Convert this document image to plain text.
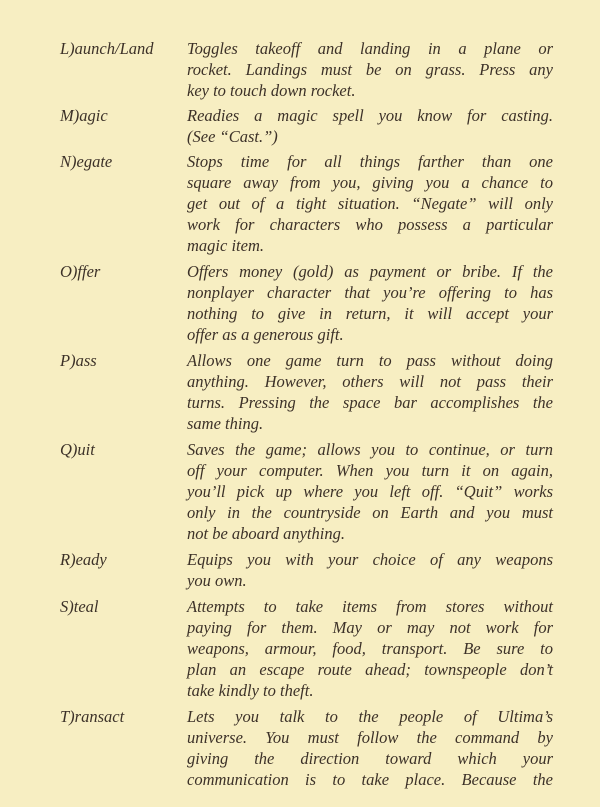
L)aunch/Land	Toggles takeoff and landing in a plane or
rocket. Landings must be on grass. Press any
key to touch down rocket.
M)agic	Readies a magic spell you know for casting.
(See “Cast.”)
N)egate	Stops time for all things farther than one
square away from you, giving you a chance to
get out of a tight situation. “Negate” will only
work for characters who possess a particular
magic item.
O)ffer	Offers money (gold) as payment or bribe. If the
nonplayer character that you’re offering to has
nothing to give in return, it will accept your
offer as a generous gift.
P)ass	Allows one game turn to pass without doing
anything. However, others will not pass their
turns. Pressing the space bar accomplishes the
same thing.
Q)uit	Saves the game; allows you to continue, or turn
off your computer. When you turn it on again,
you’ll pick up where you left off. “Quit” works
only in the countryside on Earth and you must
not be aboard anything.
R)eady	Equips you with your choice of any weapons
you own.
S)teal	Attempts to take items from stores without
paying for them. May or may not work for
weapons, armour, food, transport. Be sure to
plan an escape route ahead; townspeople don’t
take kindly to theft.
T)ransact	Lets you talk to the people of Ultima’s
universe. You must follow the command by
giving the direction toward which your
communication is to take place. Because the
